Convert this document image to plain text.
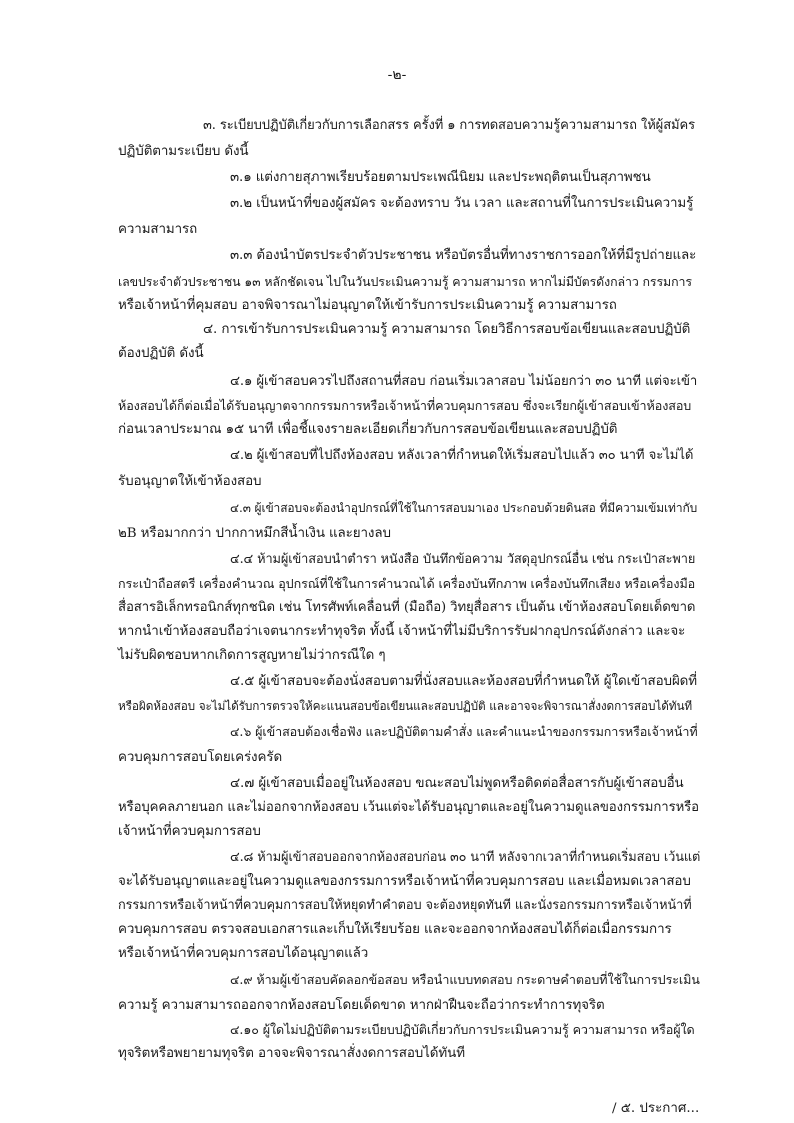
-๒-
๓. ระเบียบปฏิบัติเกี่ยวกับการเลือกสรร ครั้งที่ ๑ การทดสอบความรู้ความสามารถ ให้ผู้สมัคร
ปฏิบัติตามระเบียบ ดังนี้
๓.๑ แต่งกายสุภาพเรียบร้อยตามประเพณีนิยม และประพฤติตนเป็นสุภาพชน
๓.๒ เป็นหน้าที่ของผู้สมัคร จะต้องทราบ วัน เวลา และสถานที่ในการประเมินความรู้
ความสามารถ
๓.๓ ต้องนำบัตรประจำตัวประชาชน หรือบัตรอื่นที่ทางราชการออกให้ที่มีรูปถ่ายและ
เลขประจำตัวประชาชน ๑๓ หลักชัดเจน ไปในวันประเมินความรู้ ความสามารถ หากไม่มีบัตรดังกล่าว กรรมการ
หรือเจ้าหน้าที่คุมสอบ อาจพิจารณาไม่อนุญาตให้เข้ารับการประเมินความรู้ ความสามารถ
๔. การเข้ารับการประเมินความรู้ ความสามารถ โดยวิธีการสอบข้อเขียนและสอบปฏิบัติ
ต้องปฏิบัติ ดังนี้
๔.๑ ผู้เข้าสอบควรไปถึงสถานที่สอบ ก่อนเริ่มเวลาสอบ ไม่น้อยกว่า ๓๐ นาที แต่จะเข้า
ห้องสอบได้ก็ต่อเมื่อได้รับอนุญาตจากกรรมการหรือเจ้าหน้าที่ควบคุมการสอบ ซึ่งจะเรียกผู้เข้าสอบเข้าห้องสอบ
ก่อนเวลาประมาณ ๑๕ นาที เพื่อชี้แจงรายละเอียดเกี่ยวกับการสอบข้อเขียนและสอบปฏิบัติ
๔.๒ ผู้เข้าสอบที่ไปถึงห้องสอบ หลังเวลาที่กำหนดให้เริ่มสอบไปแล้ว ๓๐ นาที จะไม่ได้
รับอนุญาตให้เข้าห้องสอบ
๔.๓ ผู้เข้าสอบจะต้องนำอุปกรณ์ที่ใช้ในการสอบมาเอง ประกอบด้วยดินสอ ที่มีความเข้มเท่ากับ
๒B หรือมากกว่า ปากกาหมึกสีน้ำเงิน และยางลบ
๔.๔ ห้ามผู้เข้าสอบนำตำรา หนังสือ บันทึกข้อความ วัสดุอุปกรณ์อื่น เช่น กระเป๋าสะพาย
กระเป๋าถือสตรี เครื่องคำนวณ อุปกรณ์ที่ใช้ในการคำนวณได้ เครื่องบันทึกภาพ เครื่องบันทึกเสียง หรือเครื่องมือ
สื่อสารอิเล็กทรอนิกส์ทุกชนิด เช่น โทรศัพท์เคลื่อนที่ (มือถือ) วิทยุสื่อสาร เป็นต้น เข้าห้องสอบโดยเด็ดขาด
หากนำเข้าห้องสอบถือว่าเจตนากระทำทุจริต ทั้งนี้ เจ้าหน้าที่ไม่มีบริการรับฝากอุปกรณ์ดังกล่าว และจะ
ไม่รับผิดชอบหากเกิดการสูญหายไม่ว่ากรณีใด ๆ
๔.๕ ผู้เข้าสอบจะต้องนั่งสอบตามที่นั่งสอบและห้องสอบที่กำหนดให้ ผู้ใดเข้าสอบผิดที่
หรือผิดห้องสอบ จะไม่ได้รับการตรวจให้คะแนนสอบข้อเขียนและสอบปฏิบัติ และอาจจะพิจารณาสั่งงดการสอบได้ทันที
๔.๖ ผู้เข้าสอบต้องเชื่อฟัง และปฏิบัติตามคำสั่ง และคำแนะนำของกรรมการหรือเจ้าหน้าที่
ควบคุมการสอบโดยเคร่งครัด
๔.๗ ผู้เข้าสอบเมื่ออยู่ในห้องสอบ ขณะสอบไม่พูดหรือติดต่อสื่อสารกับผู้เข้าสอบอื่น
หรือบุคคลภายนอก และไม่ออกจากห้องสอบ เว้นแต่จะได้รับอนุญาตและอยู่ในความดูแลของกรรมการหรือ
เจ้าหน้าที่ควบคุมการสอบ
๔.๘ ห้ามผู้เข้าสอบออกจากห้องสอบก่อน ๓๐ นาที หลังจากเวลาที่กำหนดเริ่มสอบ เว้นแต่
จะได้รับอนุญาตและอยู่ในความดูแลของกรรมการหรือเจ้าหน้าที่ควบคุมการสอบ และเมื่อหมดเวลาสอบ
กรรมการหรือเจ้าหน้าที่ควบคุมการสอบให้หยุดทำคำตอบ จะต้องหยุดทันที และนั่งรอกรรมการหรือเจ้าหน้าที่
ควบคุมการสอบ ตรวจสอบเอกสารและเก็บให้เรียบร้อย และจะออกจากห้องสอบได้ก็ต่อเมื่อกรรมการ
หรือเจ้าหน้าที่ควบคุมการสอบได้อนุญาตแล้ว
๔.๙ ห้ามผู้เข้าสอบคัดลอกข้อสอบ หรือนำแบบทดสอบ กระดาษคำตอบที่ใช้ในการประเมิน
ความรู้ ความสามารถออกจากห้องสอบโดยเด็ดขาด หากฝ่าฝืนจะถือว่ากระทำการทุจริต
๔.๑๐ ผู้ใดไม่ปฏิบัติตามระเบียบปฏิบัติเกี่ยวกับการประเมินความรู้ ความสามารถ หรือผู้ใด
ทุจริตหรือพยายามทุจริต อาจจะพิจารณาสั่งงดการสอบได้ทันที
/ ๕. ประกาศ...
